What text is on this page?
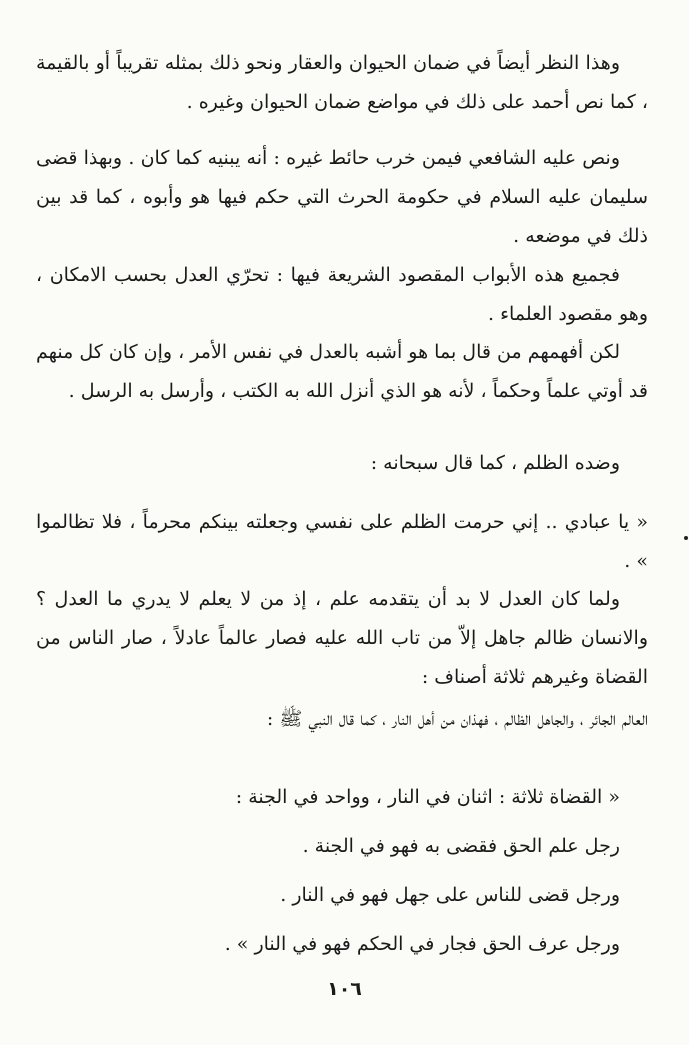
وهذا النظر أيضاً في ضمان الحيوان والعقار ونحو ذلك بمثله تقريباً أو بالقيمة ، كما نص أحمد على ذلك في مواضع ضمان الحيوان وغيره .

ونص عليه الشافعي فيمن خرب حائط غيره : أنه يبنيه كما كان . وبهذا قضى سليمان عليه السلام في حكومة الحرث التي حكم فيها هو وأبوه ، كما قد بين ذلك في موضعه .

فجميع هذه الأبواب المقصود الشريعة فيها : تحرّي العدل بحسب الامكان ، وهو مقصود العلماء .

لكن أفهمهم من قال بما هو أشبه بالعدل في نفس الأمر ، وإن كان كل منهم قد أوتي علماً وحكماً ، لأنه هو الذي أنزل الله به الكتب ، وأرسل به الرسل .

وضده الظلم ، كما قال سبحانه :

« يا عبادي .. إني حرمت الظلم على نفسي وجعلته بينكم محرماً ، فلا تظالموا » .

ولما كان العدل لا بد أن يتقدمه علم ، إذ من لا يعلم لا يدري ما العدل ؟ والانسان ظالم جاهل إلاّ من تاب الله عليه فصار عالماً عادلاً ، صار الناس من القضاة وغيرهم ثلاثة أصناف :

العالم الجائر ، والجاهل الظالم ، فهذان من أهل النار ، كما قال النبي ﷺ :

« القضاة ثلاثة : اثنان في النار ، وواحد في الجنة :

رجل علم الحق فقضى به فهو في الجنة .

ورجل قضى للناس على جهل فهو في النار .

ورجل عرف الحق فجار في الحكم فهو في النار » .

١٠٦
